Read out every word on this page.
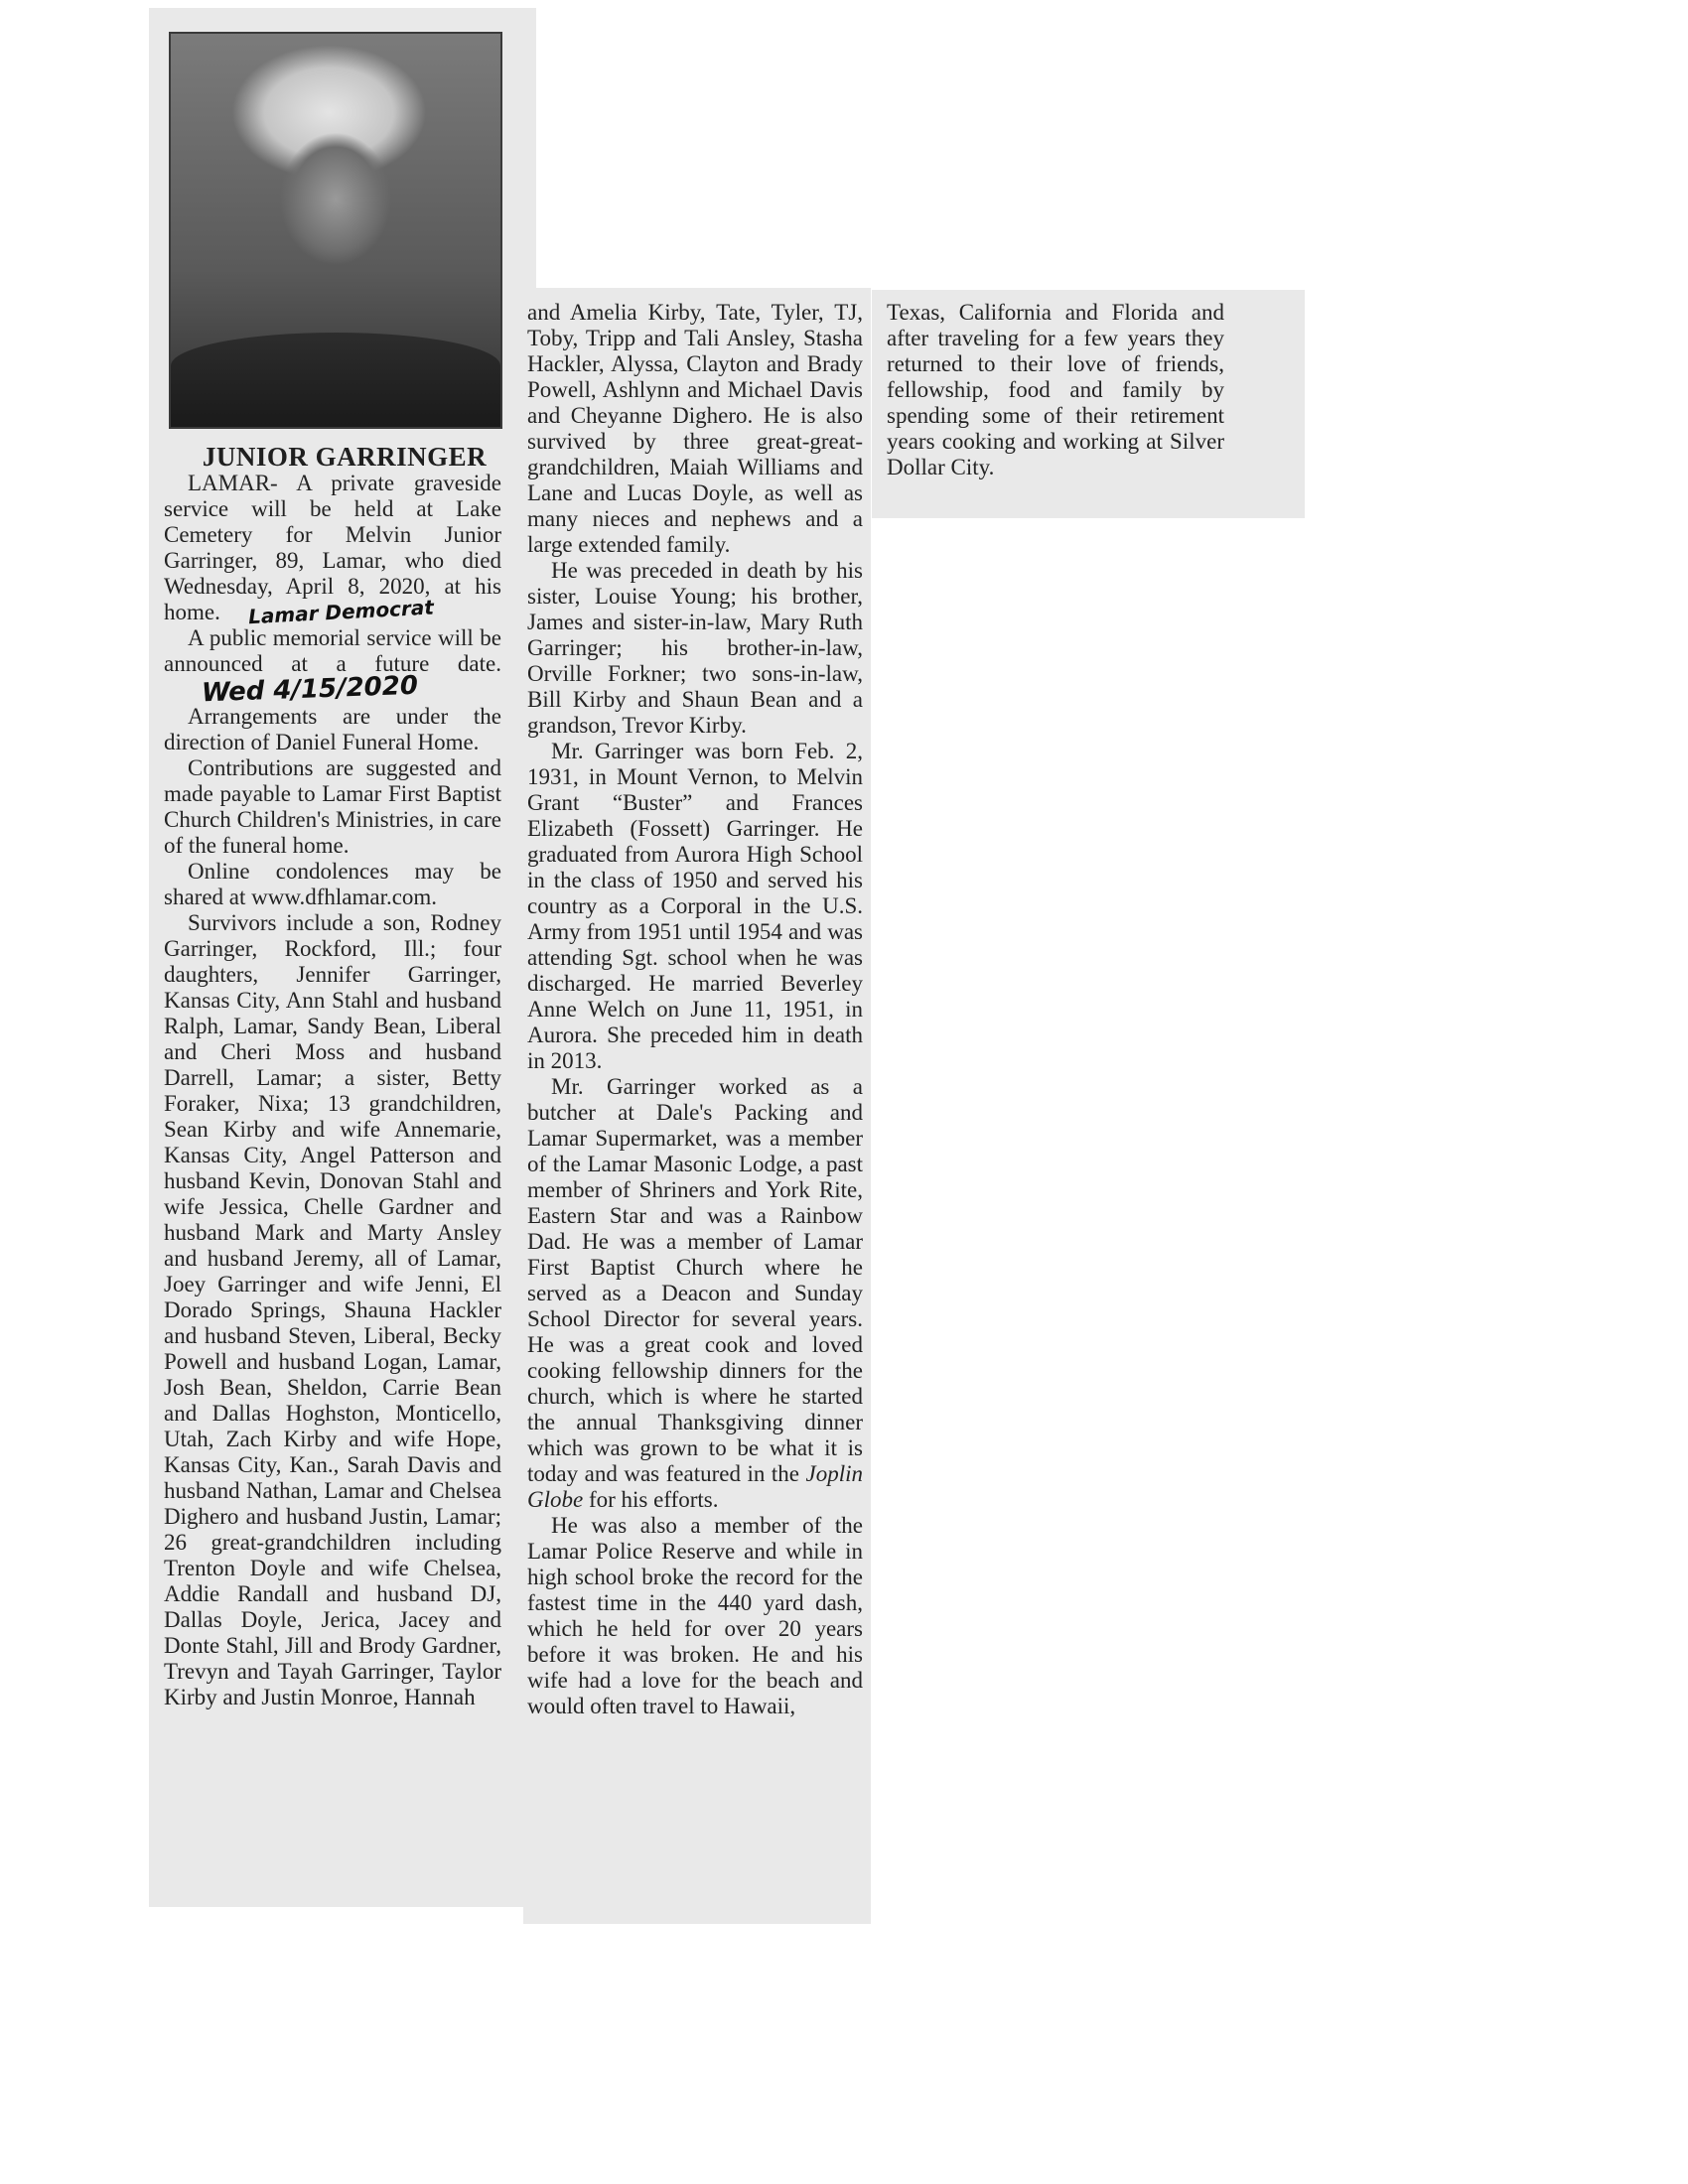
JUNIOR GARRINGER

LAMAR- A private graveside service will be held at Lake Cemetery for Melvin Junior Garringer, 89, Lamar, who died Wednesday, April 8, 2020, at his home. Lamar Democrat

A public memorial service will be announced at a future date.Wed 4/15/2020

Arrangements are under the direction of Daniel Funeral Home.

Contributions are suggested and made payable to Lamar First Baptist Church Children's Ministries, in care of the funeral home.

Online condolences may be shared at www.dfhlamar.com.

Survivors include a son, Rodney Garringer, Rockford, Ill.; four daughters, Jennifer Garringer, Kansas City, Ann Stahl and husband Ralph, Lamar, Sandy Bean, Liberal and Cheri Moss and husband Darrell, Lamar; a sister, Betty Foraker, Nixa; 13 grandchildren, Sean Kirby and wife Annemarie, Kansas City, Angel Patterson and husband Kevin, Donovan Stahl and wife Jessica, Chelle Gardner and husband Mark and Marty Ansley and husband Jeremy, all of Lamar, Joey Garringer and wife Jenni, El Dorado Springs, Shauna Hackler and husband Steven, Liberal, Becky Powell and husband Logan, Lamar, Josh Bean, Sheldon, Carrie Bean and Dallas Hoghston, Monticello, Utah, Zach Kirby and wife Hope, Kansas City, Kan., Sarah Davis and husband Nathan, Lamar and Chelsea Dighero and husband Justin, Lamar; 26 great-grandchildren including Trenton Doyle and wife Chelsea, Addie Randall and husband DJ, Dallas Doyle, Jerica, Jacey and Donte Stahl, Jill and Brody Gardner, Trevyn and Tayah Garringer, Taylor Kirby and Justin Monroe, Hannah

and Amelia Kirby, Tate, Tyler, TJ, Toby, Tripp and Tali Ansley, Stasha Hackler, Alyssa, Clayton and Brady Powell, Ashlynn and Michael Davis and Cheyanne Dighero. He is also survived by three great-great-grandchildren, Maiah Williams and Lane and Lucas Doyle, as well as many nieces and nephews and a large extended family.

He was preceded in death by his sister, Louise Young; his brother, James and sister-in-law, Mary Ruth Garringer; his brother-in-law, Orville Forkner; two sons-in-law, Bill Kirby and Shaun Bean and a grandson, Trevor Kirby.

Mr. Garringer was born Feb. 2, 1931, in Mount Vernon, to Melvin Grant “Buster” and Frances Elizabeth (Fossett) Garringer. He graduated from Aurora High School in the class of 1950 and served his country as a Corporal in the U.S. Army from 1951 until 1954 and was attending Sgt. school when he was discharged. He married Beverley Anne Welch on June 11, 1951, in Aurora. She preceded him in death in 2013.

Mr. Garringer worked as a butcher at Dale's Packing and Lamar Supermarket, was a member of the Lamar Masonic Lodge, a past member of Shriners and York Rite, Eastern Star and was a Rainbow Dad. He was a member of Lamar First Baptist Church where he served as a Deacon and Sunday School Director for several years. He was a great cook and loved cooking fellowship dinners for the church, which is where he started the annual Thanksgiving dinner which was grown to be what it is today and was featured in the Joplin Globe for his efforts.

He was also a member of the Lamar Police Reserve and while in high school broke the record for the fastest time in the 440 yard dash, which he held for over 20 years before it was broken. He and his wife had a love for the beach and would often travel to Hawaii,

Texas, California and Florida and after traveling for a few years they returned to their love of friends, fellowship, food and family by spending some of their retirement years cooking and working at Silver Dollar City.
